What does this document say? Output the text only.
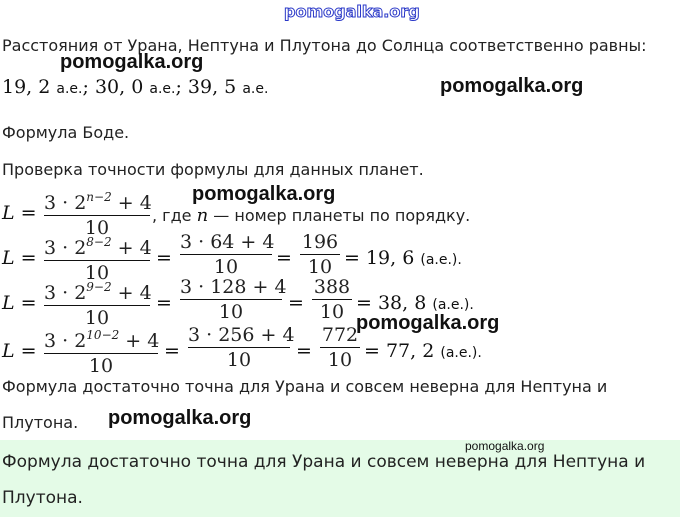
pomogalka.org
Расстояния от Урана, Нептуна и Плутона до Солнца соответственно равны:
pomogalka.org
19, 2 а.е.; 30, 0 а.е.; 39, 5 а.е.	pomogalka.org
Формула Боде.
Проверка точности формулы для данных планет.
$L = 3 \cdot 2^{n-2} + 4$
10
, где n — номер планеты по порядку.
pomogalka.org
$L = 3 \cdot 2^{8-2} + 4$
10
=
3 · 64 + 4
10	=
196
10 = 19, 6 (а.е.).
$L = 3 \cdot 2^{9-2} + 4$
10
=
3 · 128 + 4
10	=
388
10 = 38, 8 (а.е.).
$L = 3 \cdot 2^{10-2} + 4$
10
=
3 · 256 + 4
10	=
772
10 = 77, 2 (а.е.).
pomogalka.org
Формула достаточно точна для Урана и совсем неверна для Нептуна и
Плутона. pomogalka.org
Формула достаточно точна для Урана и совсем неверна для Нептуна и
Плутона.
pomogalka.org
